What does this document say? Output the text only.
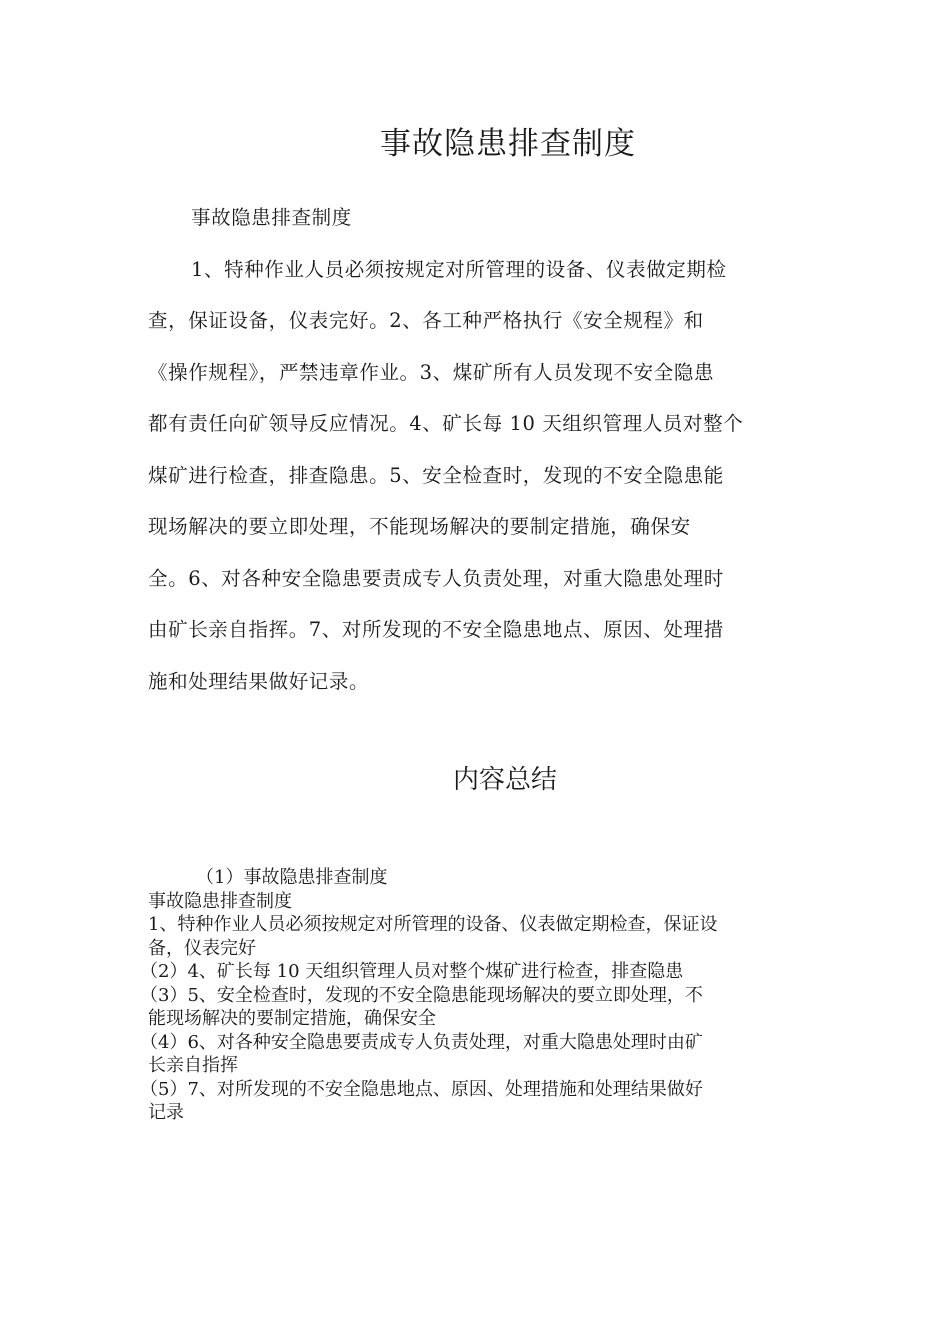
事故隐患排查制度
事故隐患排查制度
1、特种作业人员必须按规定对所管理的设备、仪表做定期检
查，保证设备，仪表完好。2、各工种严格执行《安全规程》和
《操作规程》，严禁违章作业。3、煤矿所有人员发现不安全隐患
都有责任向矿领导反应情况。4、矿长每 10 天组织管理人员对整个
煤矿进行检查，排查隐患。5、安全检查时，发现的不安全隐患能
现场解决的要立即处理，不能现场解决的要制定措施，确保安
全。6、对各种安全隐患要责成专人负责处理，对重大隐患处理时
由矿长亲自指挥。7、对所发现的不安全隐患地点、原因、处理措
施和处理结果做好记录。
内容总结
（1）事故隐患排查制度
事故隐患排查制度
1、特种作业人员必须按规定对所管理的设备、仪表做定期检查，保证设
备，仪表完好
（2）4、矿长每 10 天组织管理人员对整个煤矿进行检查，排查隐患
（3）5、安全检查时，发现的不安全隐患能现场解决的要立即处理，不
能现场解决的要制定措施，确保安全
（4）6、对各种安全隐患要责成专人负责处理，对重大隐患处理时由矿
长亲自指挥
（5）7、对所发现的不安全隐患地点、原因、处理措施和处理结果做好
记录
